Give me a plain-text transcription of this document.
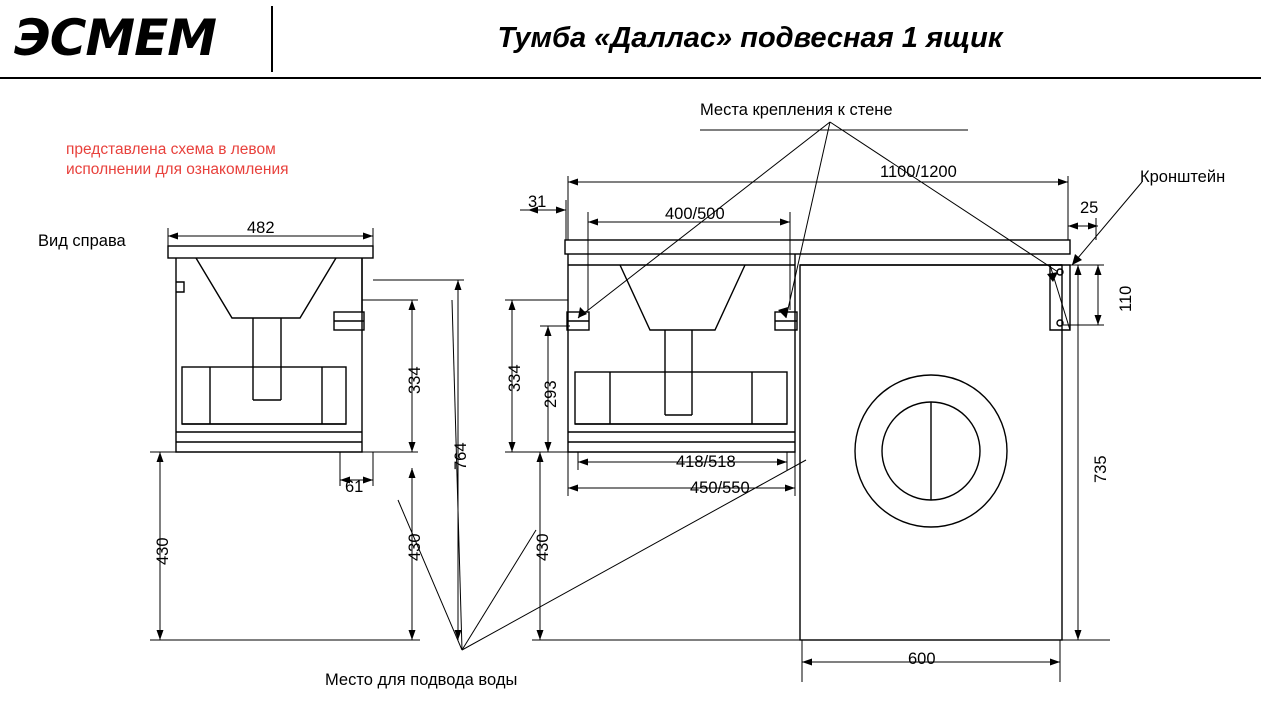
ЭСMEM	Тумба «Даллас» подвесная 1 ящик
представлена схема в левом
исполнении для ознакомления
Места крепления к стене
Кронштейн
Место для подвода воды
Вид справа
482
334
764
430
430
61
1100/1200
400/500
31	25
110
334
293
418/518
450/550
430
735
600
